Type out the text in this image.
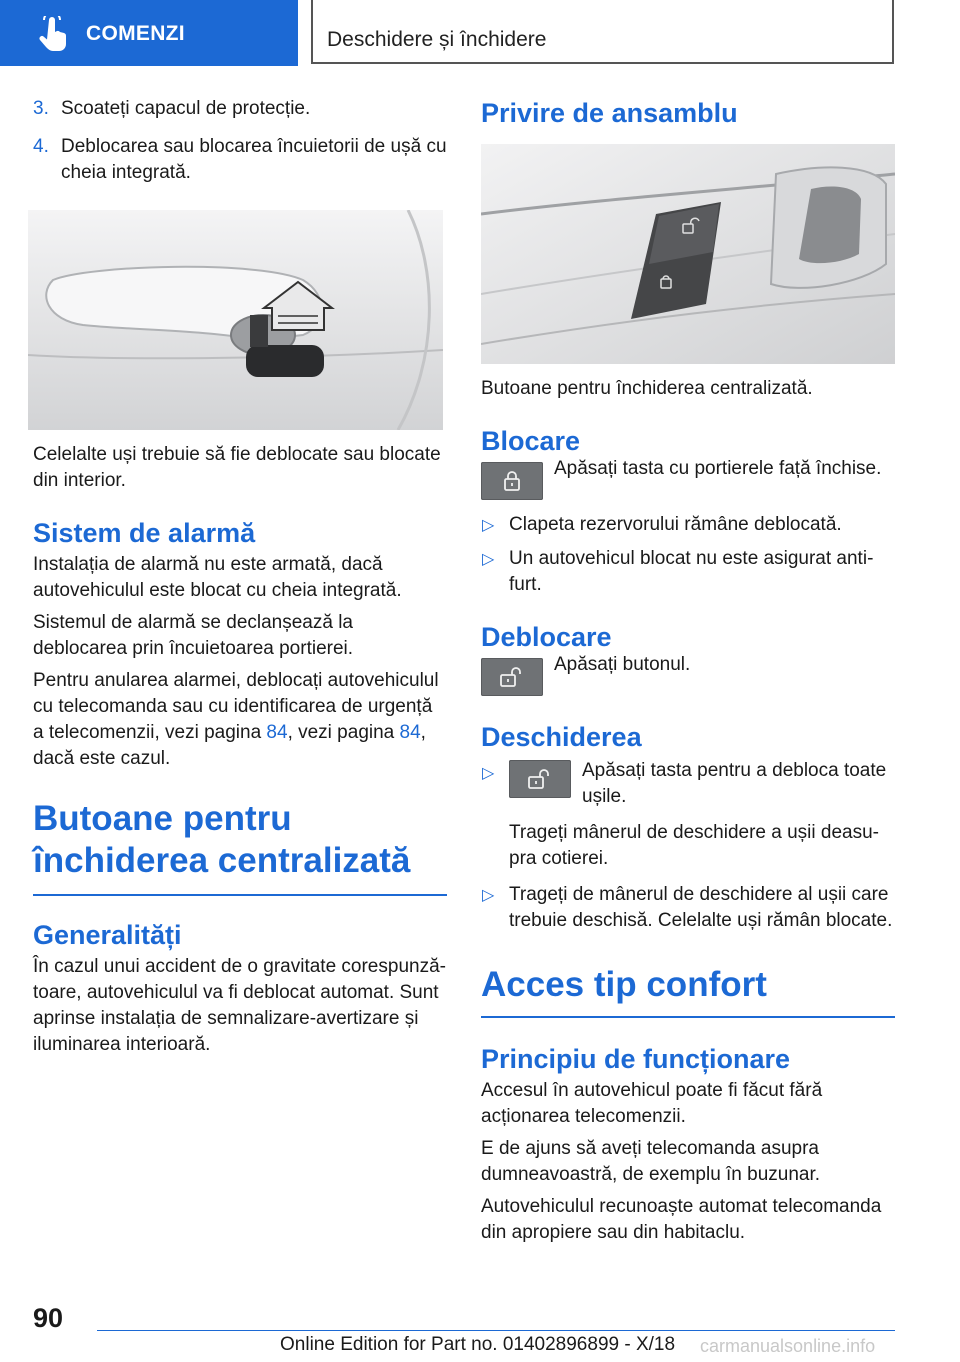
COMENZI	Deschidere și închidere
3. Scoateți capacul de protecție.
4. Deblocarea sau blocarea încuietorii de ușă cu cheia integrată.

Celelalte uși trebuie să fie deblocate sau blocate din interior.

Sistem de alarmă

Instalația de alarmă nu este armată, dacă autovehiculul este blocat cu cheia integrată.

Sistemul de alarmă se declanșează la deblocarea prin încuietoarea portierei.

Pentru anularea alarmei, deblocați autovehiculul cu telecomanda sau cu identificarea de urgență a telecomenzii, vezi pagina 84, vezi pagina 84, dacă este cazul.

Butoane pentru închiderea centralizată
Generalități

În cazul unui accident de o gravitate corespunzătoare, autovehiculul va fi deblocat automat. Sunt aprinse instalația de semnalizare-avertizare și iluminarea interioară.

Privire de ansamblu

Butoane pentru închiderea centralizată.

Blocare
Apăsați tasta cu portierele față închise.
▷ Clapeta rezervorului rămâne deblocată.
▷ Un autovehicul blocat nu este asigurat antifurt.
Deblocare
Apăsați butonul.
Deschiderea
▷	Apăsați tasta pentru a debloca toate ușile.

Trageți mânerul de deschidere a ușii deasupra cotierei.

▷ Trageți de mânerul de deschidere al ușii care trebuie deschisă. Celelalte uși rămân blocate.
Acces tip confort
Principiu de funcționare

Accesul în autovehicul poate fi făcut fără acționarea telecomenzii.

E de ajuns să aveți telecomanda asupra dumneavoastră, de exemplu în buzunar.

Autovehiculul recunoaște automat telecomanda din apropiere sau din habitaclu.

90
Online Edition for Part no. 01402896899 - X/18 carmanualsonline.info
